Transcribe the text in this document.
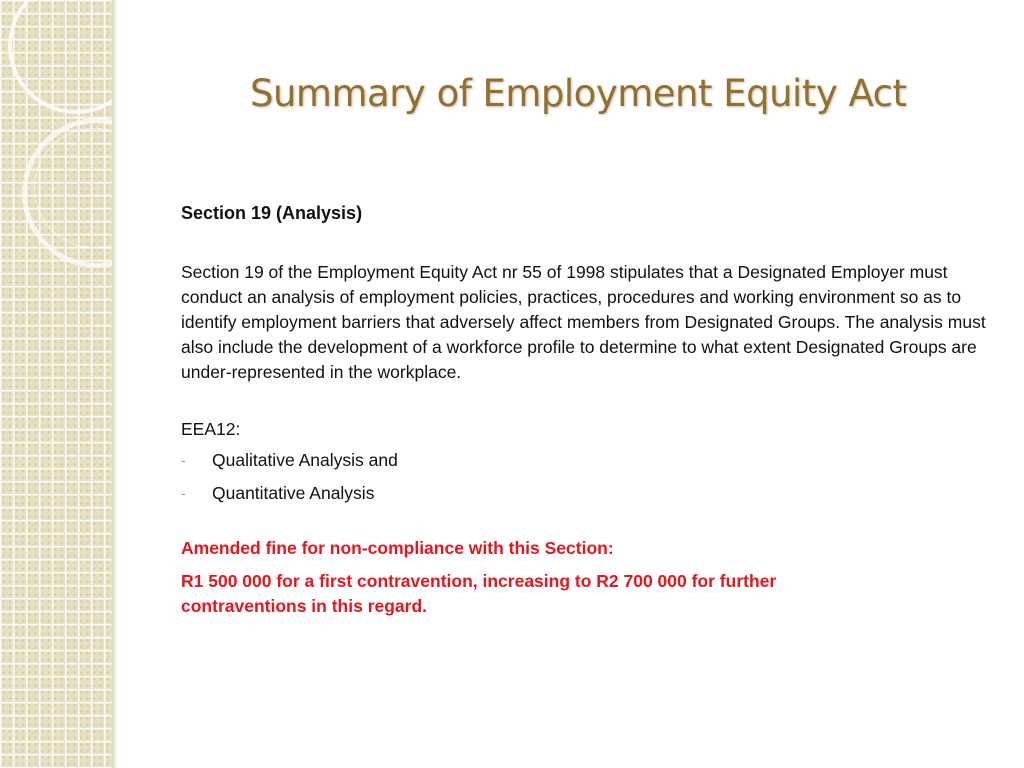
Summary of Employment Equity Act

Section 19 (Analysis)

Section 19 of the Employment Equity Act nr 55 of 1998 stipulates that a Designated Employer must conduct an analysis of employment policies, practices, procedures and working environment so as to identify employment barriers that adversely affect members from Designated Groups. The analysis must also include the development of a workforce profile to determine to what extent Designated Groups are under-represented in the workplace.

EEA12:

- Qualitative Analysis and
- Quantitative Analysis

Amended fine for non-compliance with this Section:

R1 500 000 for a first contravention, increasing to R2 700 000 for further contraventions in this regard.
